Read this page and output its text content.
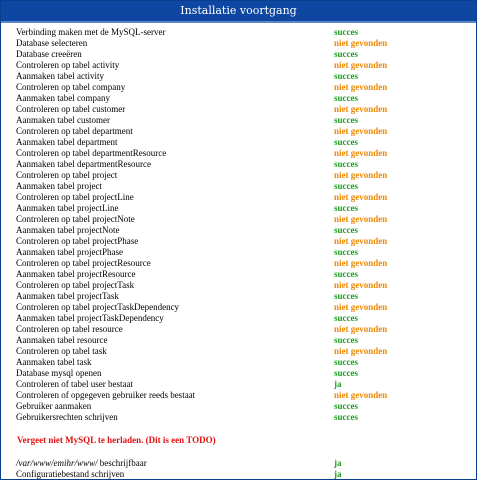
Installatie voortgang
Verbinding maken met de MySQL-server	succes
Database selecteren	niet gevonden
Database creeëren	succes
Controleren op tabel activity	niet gevonden
Aanmaken tabel activity	succes
Controleren op tabel company	niet gevonden
Aanmaken tabel company	succes
Controleren op tabel customer	niet gevonden
Aanmaken tabel customer	succes
Controleren op tabel department	niet gevonden
Aanmaken tabel department	succes
Controleren op tabel departmentResource	niet gevonden
Aanmaken tabel departmentResource	succes
Controleren op tabel project	niet gevonden
Aanmaken tabel project	succes
Controleren op tabel projectLine	niet gevonden
Aanmaken tabel projectLine	succes
Controleren op tabel projectNote	niet gevonden
Aanmaken tabel projectNote	succes
Controleren op tabel projectPhase	niet gevonden
Aanmaken tabel projectPhase	succes
Controleren op tabel projectResource	niet gevonden
Aanmaken tabel projectResource	succes
Controleren op tabel projectTask	niet gevonden
Aanmaken tabel projectTask	succes
Controleren op tabel projectTaskDependency	niet gevonden
Aanmaken tabel projectTaskDependency	succes
Controleren op tabel resource	niet gevonden
Aanmaken tabel resource	succes
Controleren op tabel task	niet gevonden
Aanmaken tabel task	succes
Database mysql openen	succes
Controleren of tabel user bestaat	ja
Controleren of opgegeven gebruiker reeds bestaat	niet gevonden
Gebruiker aanmaken	succes
Gebruikersrechten schrijven	succes
Vergeet niet MySQL te herladen. (Dit is een TODO)
/var/www/emihr/www/ beschrijfbaar	ja
Configuratiebestand schrijven	ja
